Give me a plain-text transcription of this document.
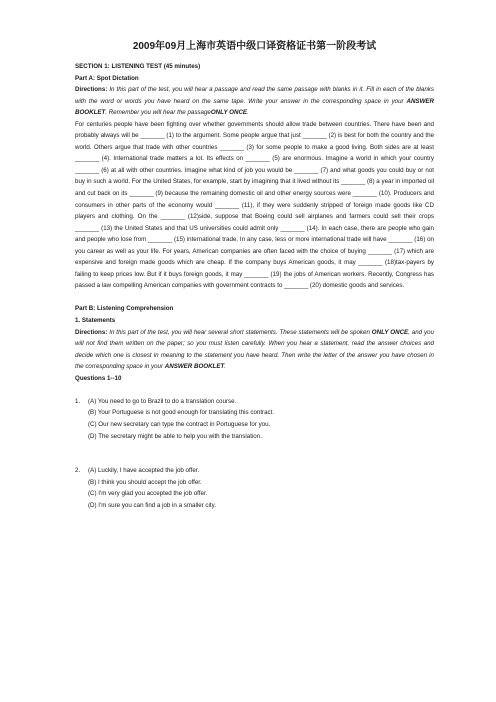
2009年09月上海市英语中级口译资格证书第一阶段考试

SECTION 1: LISTENING TEST (45 minutes)

Part A: Spot Dictation

Directions: In this part of the test, you will hear a passage and read the same passage with blanks in it. Fill in each of the blanks with the word or words you have heard on the same tape. Write your answer in the corresponding space in your ANSWER BOOKLET. Remember you will hear the passageONLY ONCE.

For centuries people have been fighting over whether governments should allow trade between countries. There have been and probably always will be _______ (1) to the argument. Some people argue that just _______ (2) is best for both the country and the world. Others argue that trade with other countries _______ (3) for some people to make a good living. Both sides are at least _______ (4). International trade matters a lot. Its effects on _______ (5) are enormous. Imagine a world in which your country _______ (6) at all with other countries. Imagine what kind of job you would be _______ (7) and what goods you could buy or not buy in such a world. For the United States, for example, start by imagining that it lived without its _______ (8) a year in imported oil and cut back on its _______ (9) because the remaining domestic oil and other energy sources were _______ (10). Producers and consumers in other parts of the economy would _______ (11), if they were suddenly stripped of foreign made goods like CD players and clothing. On the _______ (12)side, suppose that Boeing could sell airplanes and farmers could sell their crops _______ (13) the United States and that US universities could admit only _______ (14). In each case, there are people who gain and people who lose from _______ (15) international trade. In any case, less or more international trade will have _______ (16) on you career as well as your life. For years, American companies are often faced with the choice of buying _______ (17) which are expensive and foreign made goods which are cheap. If the company buys American goods, it may _______ (18)tax-payers by failing to keep prices low. But if it buys foreign goods, it may _______ (19) the jobs of American workers. Recently, Congress has passed a law compelling American companies with government contracts to _______ (20) domestic goods and services.

Part B: Listening Comprehension

1. Statements

Directions: In this part of the test, you will hear several short statements. These statements will be spoken ONLY ONCE, and you will not find them written on the paper; so you must listen carefully. When you hear a statement, read the answer choices and decide which one is closest in meaning to the statement you have heard. Then write the letter of the answer you have chosen in the corresponding space in your ANSWER BOOKLET.

Questions 1--10

1.	(A) You need to go to Brazil to do a translation course.
(B) Your Portuguese is not good enough for translating this contract.
(C) Our new secretary can type the contract in Portuguese for you.
(D) The secretary might be able to help you with the translation.
2.	(A) Luckily, I have accepted the job offer.
(B) I think you should accept the job offer.
(C) I'm very glad you accepted the job offer.
(D) I'm sure you can find a job in a smaller city.
